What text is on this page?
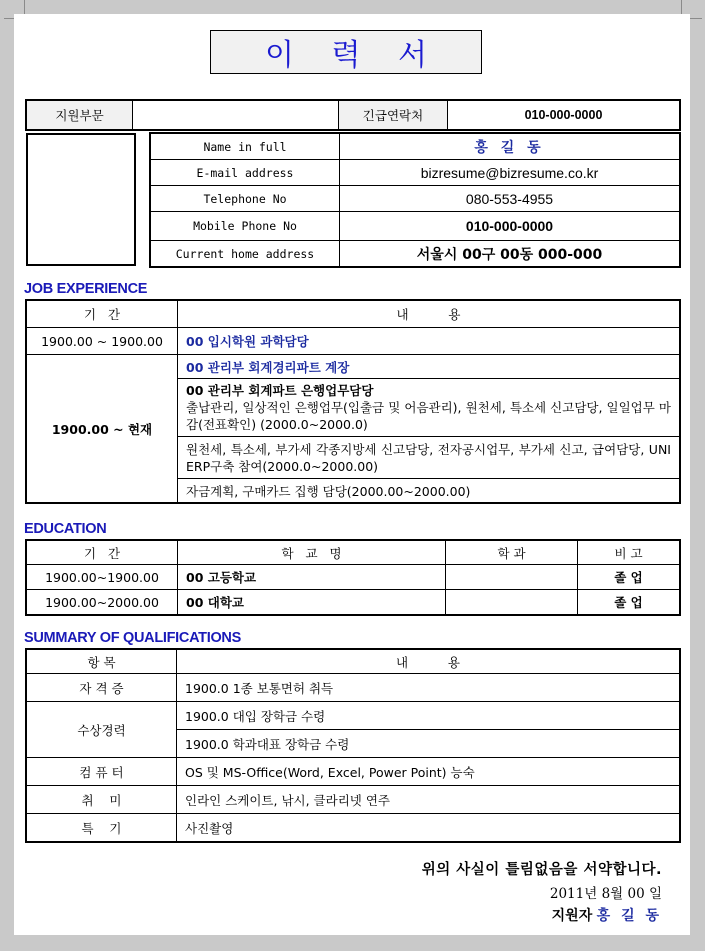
이 력 서
지원부문		긴급연락처	010-000-0000
Name in full	홍 길 동
E-mail address	bizresume@bizresume.co.kr
Telephone No	080-553-4955
Mobile Phone No	010-000-0000
Current home address	서울시 00구 00동 000-000
JOB EXPERIENCE
기   간	내          용
1900.00 ~ 1900.00	00 입시학원 과학담당
1900.00 ~ 현재	00 관리부 회계경리파트 계장

	00 관리부 회계파트 은행업무담당
출납관리, 일상적인 은행업무(입출금 및 어음관리), 원천세, 특소세 신고담당, 일일업무 마감(전표확인) (2000.0~2000.0)

	원천세, 특소세, 부가세 각종지방세 신고담당, 전자공시업무, 부가세 신고, 급여담당, UNI ERP구축 참여(2000.0~2000.00)
	자금계획, 구매카드 집행 담당(2000.00~2000.00)
EDUCATION
기   간	학   교   명	학 과	비 고
1900.00~1900.00	00 고등학교		졸 업
1900.00~2000.00	00 대학교		졸 업
SUMMARY OF QUALIFICATIONS
항 목	내          용
자 격 증	1900.0 1종 보통면허 취득
수상경력	1900.0 대입 장학금 수령
	1900.0 학과대표 장학금 수령
컴 퓨 터	OS 및 MS-Office(Word, Excel, Power Point) 능숙
취    미	인라인 스케이트, 낚시, 클라리넷 연주
특    기	사진촬영
위의 사실이 틀림없음을 서약합니다.
2011년 8월 00 일
지원자 홍 길 동
